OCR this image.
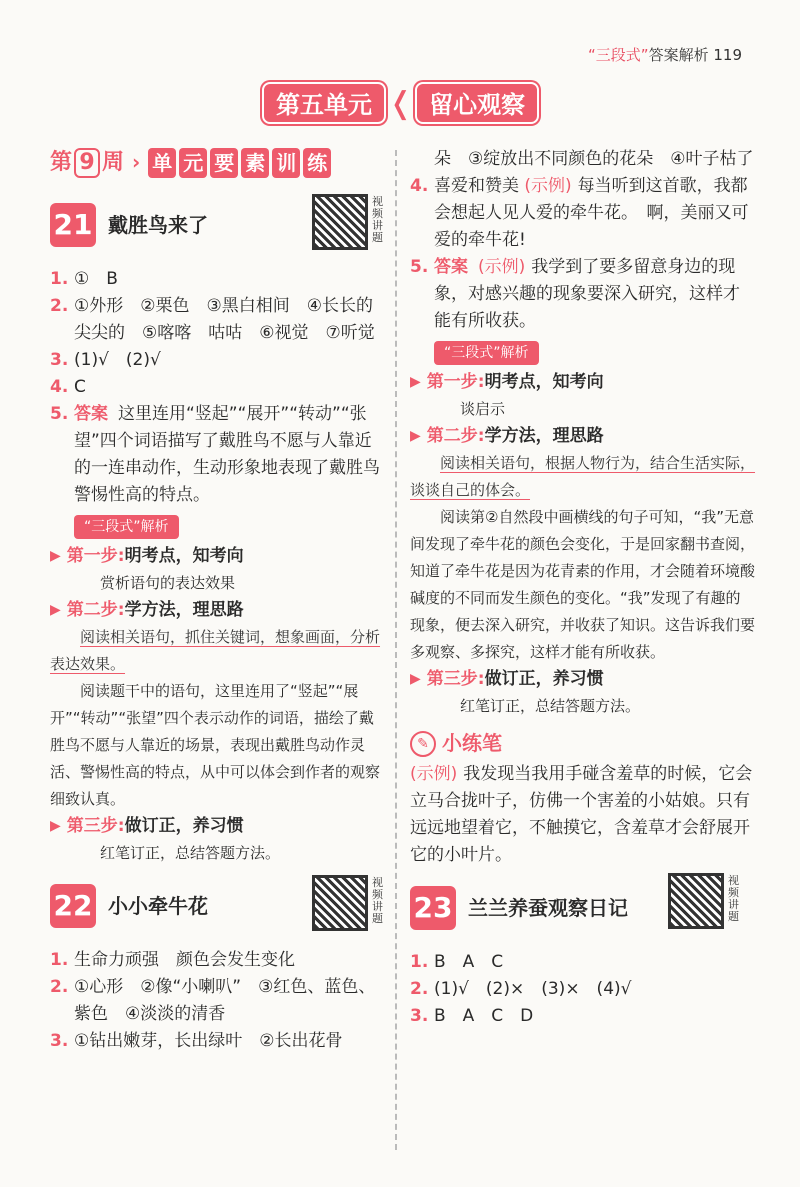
“三段式”答案解析 119
第五单元 ❬ 留心观察
第 9 周 › 单 元 要 素 训 练
21 戴胜鸟来了
视频讲题
1. ①　B
2. ①外形　②栗色　③黑白相间　④长长的　尖尖的　⑤喀喀　咕咕　⑥视觉　⑦听觉
3. (1)√　(2)√
4. C
5. 答案 这里连用“竖起”“展开”“转动”“张望”四个词语描写了戴胜鸟不愿与人靠近的一连串动作，生动形象地表现了戴胜鸟警惕性高的特点。
“三段式”解析
▶ 第一步: 明考点，知考向
赏析语句的表达效果
▶ 第二步: 学方法，理思路
阅读相关语句，抓住关键词，想象画面，分析表达效果。
阅读题干中的语句，这里连用了“竖起”“展开”“转动”“张望”四个表示动作的词语，描绘了戴胜鸟不愿与人靠近的场景，表现出戴胜鸟动作灵活、警惕性高的特点，从中可以体会到作者的观察细致认真。
▶ 第三步: 做订正，养习惯
红笔订正，总结答题方法。
22 小小牵牛花
视频讲题
1. 生命力顽强　颜色会发生变化
2. ①心形　②像“小喇叭”　③红色、蓝色、紫色　④淡淡的清香
3. ①钻出嫩芽，长出绿叶　②长出花骨
朵　③绽放出不同颜色的花朵　④叶子枯了
4. 喜爱和赞美 (示例) 每当听到这首歌，我都会想起人见人爱的牵牛花。　啊，美丽又可爱的牵牛花!
5. 答案 (示例) 我学到了要多留意身边的现象，对感兴趣的现象要深入研究，这样才能有所收获。
“三段式”解析
▶ 第一步: 明考点，知考向
谈启示
▶ 第二步: 学方法，理思路
阅读相关语句，根据人物行为，结合生活实际，谈谈自己的体会。
阅读第②自然段中画横线的句子可知，“我”无意间发现了牵牛花的颜色会变化，于是回家翻书查阅，知道了牵牛花是因为花青素的作用，才会随着环境酸碱度的不同而发生颜色的变化。“我”发现了有趣的现象，便去深入研究，并收获了知识。这告诉我们要多观察、多探究，这样才能有所收获。
▶ 第三步: 做订正，养习惯
红笔订正，总结答题方法。
✎ 小练笔
(示例) 我发现当我用手碰含羞草的时候，它会立马合拢叶子，仿佛一个害羞的小姑娘。只有远远地望着它，不触摸它，含羞草才会舒展开它的小叶片。
23 兰兰养蚕观察日记
视频讲题
1. B　A　C
2. (1)√　(2)×　(3)×　(4)√
3. B　A　C　D
